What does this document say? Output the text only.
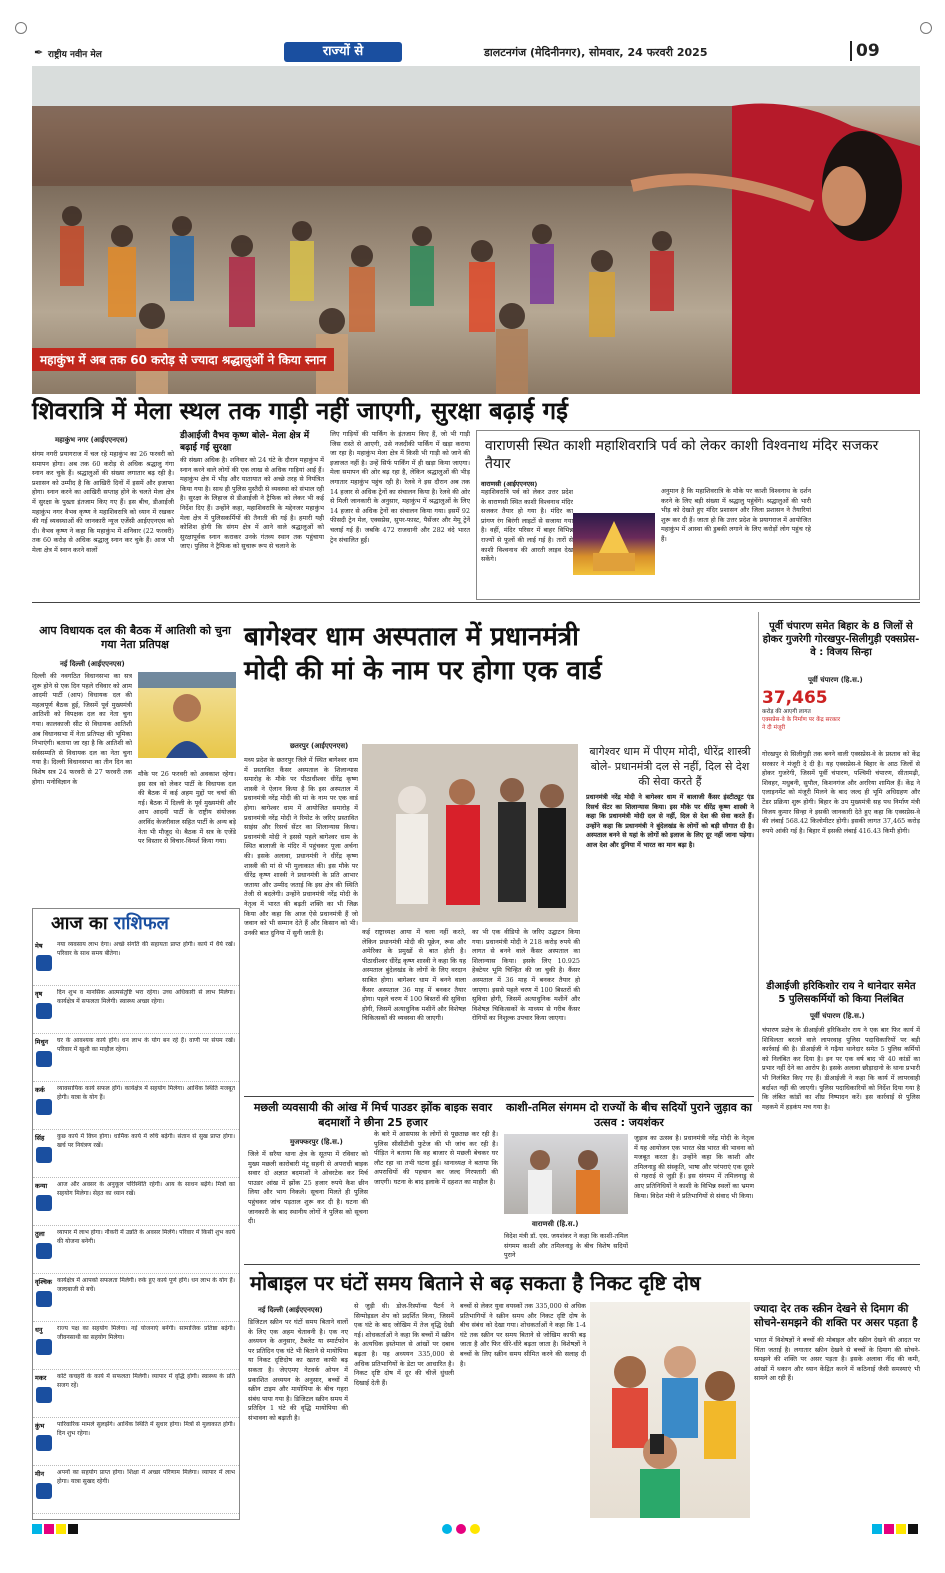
✒ राष्ट्रीय नवीन मेल	राज्यों से	डालटनगंज (मेदिनीनगर), सोमवार, 24 फरवरी 2025	09
महाकुंभ में अब तक 60 करोड़ से ज्यादा श्रद्धालुओं ने किया स्नान
शिवरात्रि में मेला स्थल तक गाड़ी नहीं जाएगी, सुरक्षा बढ़ाई गई
महाकुंभ नगर (आईएएनएस)

संगम नगरी प्रयागराज में चल रहे महाकुंभ का 26 फरवरी को समापन होगा। अब तक 60 करोड़ से अधिक श्रद्धालु गंगा स्नान कर चुके हैं। श्रद्धालुओं की संख्या लगातार बढ़ रही है। प्रशासन को उम्मीद है कि आखिरी दिनों में इसमें और इजाफा होगा। स्नान करने का आखिरी सप्ताह होने के चलते मेला क्षेत्र में सुरक्षा के पुख्ता इंतजाम किए गए हैं। इस बीच, डीआईजी महाकुंभ नगर वैभव कृष्ण ने महाशिवरात्रि को ध्यान में रखकर की गई व्यवस्थाओं की जानकारी न्यूज एजेंसी आईएएनएस को दी। वैभव कृष्ण ने कहा कि महाकुंभ में शनिवार (22 फरवरी) तक 60 करोड़ से अधिक श्रद्धालु स्नान कर चुके हैं। आज भी मेला क्षेत्र में स्नान करने वालों

डीआईजी वैभव कृष्ण बोले- मेला क्षेत्र में बढ़ाई गई सुरक्षा

की संख्या अधिक है। शनिवार को 24 घंटे के दौरान महाकुंभ में स्नान करने वाले लोगों की एक लाख से अधिक गाड़ियां आई हैं। महाकुंभ क्षेत्र में भीड़ और यातायात को अच्छे तरह से नियंत्रित किया गया है। साथ ही पुलिस मुस्तैदी से व्यवस्था को संभाल रही है। सुरक्षा के लिहाज से डीआईजी ने ट्रैफिक को लेकर भी कई निर्देश दिए हैं। उन्होंने कहा, महाशिवरात्रि के मद्देनजर महाकुंभ मेला क्षेत्र में पुलिसकर्मियों की तैनाती की गई है। हमारी यही कोशिश होगी कि संगम क्षेत्र में आने वाले श्रद्धालुओं को सुरक्षापूर्वक स्नान कराकर उनके गंतव्य स्थान तक पहुंचाया जाए। पुलिस ने ट्रैफिक को सुचारू रूप से चलाने के

लिए गाड़ियों की पार्किंग के इंतजाम किए हैं, जो भी गाड़ी जिस रास्ते से आएगी, उसे नजदीकी पार्किंग में खड़ा कराया जा रहा है। महाकुंभ मेला क्षेत्र में किसी भी गाड़ी को जाने की इजाजत नहीं है। उन्हें सिर्फ पार्किंग में ही खड़ा किया जाएगा। मेला समापन की ओर बढ़ रहा है, लेकिन श्रद्धालुओं की भीड़ लगातार महाकुंभ पहुंच रही है। रेलवे ने इस दौरान अब तक 14 हजार से अधिक ट्रेनों का संचालन किया है। रेलवे की ओर से मिली जानकारी के अनुसार, महाकुंभ में श्रद्धालुओं के लिए 14 हजार से अधिक ट्रेनों का संचालन किया गया। इसमें 92 फीसदी ट्रेन मेल, एक्सप्रेस, सुपर-फास्ट, पैसेंजर और मेमू ट्रेनें चलाई गई हैं। जबकि 472 राजधानी और 282 वंदे भारत ट्रेन संचालित हुईं।

वाराणसी स्थित काशी महाशिवरात्रि पर्व को लेकर काशी विश्वनाथ मंदिर सजकर तैयार
वाराणसी (आईएएनएस)

महाशिवरात्रि पर्व को लेकर उत्तर प्रदेश के वाराणसी स्थित काशी विश्वनाथ मंदिर सजकर तैयार हो गया है। मंदिर का प्रांगण रंग बिरंगी लाइटों से सजाया गया है। वहीं, मंदिर परिसर में बाहर विभिन्न राज्यों से फूलों की लाई गई है। तारों से काशी विश्वनाथ की आरती लाइव देख सकेंगे।

अनुमान है कि महाशिवरात्रि के मौके पर काशी विश्वनाथ के दर्शन करने के लिए बड़ी संख्या में श्रद्धालु पहुंचेंगे। श्रद्धालुओं की भारी भीड़ को देखते हुए मंदिर प्रशासन और जिला प्रशासन ने तैयारियां शुरू कर दी हैं। जाता हो कि उत्तर प्रदेश के प्रयागराज में आयोजित महाकुंभ में आस्था की डुबकी लगाने के लिए करोड़ों लोग पहुंच रहे हैं।

आप विधायक दल की बैठक में आतिशी को चुना गया नेता प्रतिपक्ष
नई दिल्ली (आईएएनएस)

दिल्ली की नवगठित विधानसभा का सत्र शुरू होने से एक दिन पहले रविवार को आम आदमी पार्टी (आप) विधायक दल की महत्वपूर्ण बैठक हुई, जिसमें पूर्व मुख्यमंत्री आतिशी को विपक्षक दल का नेता चुना गया। कालकाजी सीट से विधायक आतिशी अब विधानसभा में नेता प्रतिपक्ष की भूमिका निभाएंगी। बताया जा रहा है कि आतिशी को सर्वसम्मति से विधायक दल का नेता चुना गया है। दिल्ली विधानसभा का तीन दिन का विशेष सत्र 24 फरवरी से 27 फरवरी तक होगा। मनोविज्ञान के

मौके पर 26 फरवरी को अवकाश रहेगा। इस सत्र को लेकर पार्टी के विधायक दल की बैठक में कई अहम मुद्दों पर चर्चा की गई। बैठक में दिल्ली के पूर्व मुख्यमंत्री और आप आदमी पार्टी के राष्ट्रीय संयोजक अरविंद केजरीवाल सहित पार्टी के अन्य बड़े नेता भी मौजूद थे। बैठक में सत्र के एजेंडे पर विस्तार से विचार-विमर्श किया गया।

आज का राशिफल
मेष नया व्यवसाय लाभ देगा। अच्छे संगति की सहायता प्राप्त होगी। कार्य में धैर्य रखें। परिवार के साथ समय बीतेगा।

वृष दिन शुभ व मानसिक आत्मसंतुष्टि भरा रहेगा। उच्च अधिकारी से लाभ मिलेगा। कार्यक्षेत्र में सफलता मिलेगी। स्वास्थ्य अच्छा रहेगा।

मिथुन घर के आवश्यक कार्य होंगे। धन लाभ के योग बन रहे हैं। वाणी पर संयम रखें। परिवार में खुशी का माहौल रहेगा।

कर्क व्यावसायिक कार्य सफल होंगे। कार्यक्षेत्र में सहयोग मिलेगा। आर्थिक स्थिति मजबूत होगी। यात्रा के योग हैं।

सिंह कुछ कार्य में विघ्न होगा। धार्मिक कार्य में रुचि बढ़ेगी। संतान से सुख प्राप्त होगा। खर्च पर नियंत्रण रखें।

कन्या आज और अवसर के अनुकूल परिस्थिति रहेगी। आय के साधन बढ़ेंगे। मित्रों का सहयोग मिलेगा। सेहत का ध्यान रखें।

तुला व्यापार में लाभ होगा। नौकरी में उन्नति के अवसर मिलेंगे। परिवार में किसी शुभ कार्य की योजना बनेगी।

वृश्चिक कार्यक्षेत्र में आपको सफलता मिलेगी। रुके हुए कार्य पूर्ण होंगे। धन लाभ के योग हैं। जल्दबाजी से बचें।

धनु राज्य पक्ष का सहयोग मिलेगा। नई योजनाएं बनेंगी। सामाजिक प्रतिष्ठा बढ़ेगी। जीवनसाथी का सहयोग मिलेगा।

मकर कोर्ट कचहरी के कार्य में सफलता मिलेगी। व्यापार में वृद्धि होगी। स्वास्थ्य के प्रति सजग रहें।

कुंभ पारिवारिक मामले सुलझेंगे। आर्थिक स्थिति में सुधार होगा। मित्रों से मुलाकात होगी। दिन शुभ रहेगा।

मीन अपनों का सहयोग प्राप्त होगा। शिक्षा में अच्छा परिणाम मिलेगा। व्यापार में लाभ होगा। यात्रा सुखद रहेगी।

बागेश्वर धाम अस्पताल में प्रधानमंत्री
मोदी की मां के नाम पर होगा एक वार्ड
छतरपुर (आईएएनएस)

मध्य प्रदेश के छतरपुर जिले में स्थित बागेश्वर धाम में प्रस्तावित कैंसर अस्पताल के शिलान्यास समारोह के मौके पर पीठाधीश्वर धीरेंद्र कृष्ण शास्त्री ने ऐलान किया है कि इस अस्पताल में प्रधानमंत्री नरेंद्र मोदी की मां के नाम पर एक वार्ड होगा। बागेश्वर धाम में आयोजित समारोह में प्रधानमंत्री नरेंद्र मोदी ने रिमोट के जरिए प्रस्तावित साइंस और रिसर्च सेंटर का शिलान्यास किया। प्रधानमंत्री मोदी ने इससे पहले बागेश्वर धाम के स्थित बालाजी के मंदिर में पहुंचकर पूजा अर्चना की। इसके अलावा, प्रधानमंत्री ने धीरेंद्र कृष्ण शास्त्री की मां से भी मुलाकात की। इस मौके पर धीरेंद्र कृष्ण शास्त्री ने प्रधानमंत्री के प्रति आभार जताया और उम्मीद जताई कि इस क्षेत्र की स्थिति तेजी से बदलेगी। उन्होंने प्रधानमंत्री नरेंद्र मोदी के नेतृत्व में भारत की बढ़ती शक्ति का भी जिक्र किया और कहा कि आज ऐसे प्रधानमंत्री हैं जो जवान को भी सम्मान देते हैं और किसान को भी। उनकी बात दुनिया में सुनी जाती है।	कई राष्ट्राध्यक्ष आया में चला नहीं करते, लेकिन प्रधानमंत्री मोदी की यूक्रेन, रूस और अमेरिका के प्रमुखों से बात होती है। पीठाधीश्वर धीरेंद्र कृष्ण शास्त्री ने कहा कि यह अस्पताल बुंदेलखंड के लोगों के लिए वरदान साबित होगा। बागेश्वर धाम में बनने वाला कैंसर अस्पताल 36 माह में बनकर तैयार होगा। पहले चरण में 100 बिस्तरों की सुविधा होगी, जिसमें अत्याधुनिक मशीनें और विशेषज्ञ चिकित्सकों की व्यवस्था की जाएगी।

का भी एक वीडियो के जरिए उद्घाटन किया गया। प्रधानमंत्री मोदी ने 218 करोड़ रुपये की लागत से बनने वाले कैंसर अस्पताल का शिलान्यास किया। इसके लिए 10.925 हेक्टेयर भूमि चिन्हित की जा चुकी है। कैंसर अस्पताल में 36 माह में बनकर तैयार हो जाएगा। इससे पहले चरण में 100 बिस्तरों की सुविधा होगी, जिसमें अत्याधुनिक मशीनें और विशेषज्ञ चिकित्सकों के माध्यम से गरीब कैंसर रोगियों का निशुल्क उपचार किया जाएगा।

बागेश्वर धाम में पीएम मोदी, धीरेंद्र शास्त्री बोले- प्रधानमंत्री दल से नहीं, दिल से देश की सेवा करते हैं

प्रधानमंत्री नरेंद्र मोदी ने बागेश्वर धाम में बालाजी कैंसर इंस्टीट्यूट एंड रिसर्च सेंटर का शिलान्यास किया। इस मौके पर धीरेंद्र कृष्ण शास्त्री ने कहा कि प्रधानमंत्री मोदी दल से नहीं, दिल से देश की सेवा करते हैं। उन्होंने कहा कि प्रधानमंत्री ने बुंदेलखंड के लोगों को बड़ी सौगात दी है। अस्पताल बनने से यहां के लोगों को इलाज के लिए दूर नहीं जाना पड़ेगा। आज देश और दुनिया में भारत का मान बढ़ा है।

पूर्वी चंपारण समेत बिहार के 8 जिलों से होकर गुजरेगी गोरखपुर-सिलीगुड़ी एक्सप्रेस-वे : विजय सिन्हा
पूर्वी चंपारण (हि.स.)
37,465
करोड़ की आएगी लागत
एक्सप्रेस-वे के निर्माण पर केंद्र सरकार ने दी मंजूरी

गोरखपुर से सिलीगुड़ी तक बनने वाली एक्सप्रेस-वे के प्रस्ताव को केंद्र सरकार ने मंजूरी दे दी है। यह एक्सप्रेस-वे बिहार के आठ जिलों से होकर गुजरेगी, जिसमें पूर्वी चंपारण, पश्चिमी चंपारण, सीतामढ़ी, शिवहर, मधुबनी, सुपौल, किशनगंज और अररिया शामिल हैं। केंद्र ने एलाइनमेंट को मंजूरी मिलने के बाद जल्द ही भूमि अधिग्रहण और टेंडर प्रक्रिया शुरू होगी। बिहार के उप मुख्यमंत्री सह पथ निर्माण मंत्री विजय कुमार सिन्हा ने इसकी जानकारी देते हुए कहा कि एक्सप्रेस-वे की लंबाई 568.42 किलोमीटर होगी। इसकी लागत 37,465 करोड़ रुपये आंकी गई है। बिहार में इसकी लंबाई 416.43 किमी होगी।

डीआईजी हरिकिशोर राय ने थानेदार समेत 5 पुलिसकर्मियों को किया निलंबित
पूर्वी चंपारण (हि.स.)

चंपारण प्रक्षेत्र के डीआईजी हरिकिशोर राय ने एक बार फिर कार्य में शिथिलता बरतने वाले लापरवाह पुलिस पदाधिकारियों पर बड़ी कार्रवाई की है। डीआईजी ने गढ़ैया थानेदार समेत 5 पुलिस कर्मियों को निलंबित कर दिया है। इन पर एक वर्ष बाद भी 40 कांडों का प्रभार नहीं देने का आरोप है। इसके अलावा छौड़ादानो के थाना प्रभारी भी निलंबित किए गए हैं। डीआईजी ने कहा कि कार्य में लापरवाही बर्दाश्त नहीं की जाएगी। पुलिस पदाधिकारियों को निर्देश दिया गया है कि लंबित कांडों का शीघ्र निष्पादन करें। इस कार्रवाई से पुलिस महकमे में हड़कंप मच गया है।

मछली व्यवसायी की आंख में मिर्च पाउडर झोंक बाइक सवार बदमाशों ने छीना 25 हजार
मुजफ्फरपुर (हि.स.)

जिले में सरैया थाना क्षेत्र के सूतपा में रविवार को मुख्य मछली कारोबारी मंटू सहनी से अपराधी बाइक सवार दो अज्ञात बदमाशों ने ओवरटेक कर मिर्च पाउडर आंख में झोंक 25 हजार रुपये कैश छीन लिया और भाग निकले। सूचना मिलते ही पुलिस पहुंचकर जांच पड़ताल शुरू कर दी है। घटना की जानकारी के बाद स्थानीय लोगों ने पुलिस को सूचना दी।

के बारे में आसपास के लोगों से पूछताछ कर रही है। पुलिस सीसीटीवी फुटेज की भी जांच कर रही है। पीड़ित ने बताया कि वह बाजार से मछली बेचकर घर लौट रहा था तभी घटना हुई। थानाध्यक्ष ने बताया कि अपराधियों की पहचान कर जल्द गिरफ्तारी की जाएगी। घटना के बाद इलाके में दहशत का माहौल है।

काशी-तमिल संगमम दो राज्यों के बीच सदियों पुराने जुड़ाव का उत्सव : जयशंकर
वाराणसी (हि.स.)

विदेश मंत्री डॉ. एस. जयशंकर ने कहा कि काशी-तमिल संगमम काशी और तमिलनाडु के बीच विशेष सदियों पुराने

जुड़ाव का उत्सव है। प्रधानमंत्री नरेंद्र मोदी के नेतृत्व में यह आयोजन एक भारत श्रेष्ठ भारत की भावना को मजबूत करता है। उन्होंने कहा कि काशी और तमिलनाडु की संस्कृति, भाषा और परंपराएं एक दूसरे से गहराई से जुड़ी हैं। इस संगमम में तमिलनाडु से आए प्रतिनिधियों ने काशी के विभिन्न स्थलों का भ्रमण किया। विदेश मंत्री ने प्रतिभागियों से संवाद भी किया।

मोबाइल पर घंटों समय बिताने से बढ़ सकता है निकट दृष्टि दोष
नई दिल्ली (आईएएनएस)

डिजिटल स्क्रीन पर घंटों समय बिताने वालों के लिए एक अहम चेतावनी है। एक नए अध्ययन के अनुसार, टैबलेट या स्मार्टफोन पर प्रतिदिन एक घंटे भी बिताने से मायोपिया या निकट दृष्टिदोष का खतरा काफी बढ़ सकता है। जेएएमए नेटवर्क ओपन में प्रकाशित अध्ययन के अनुसार, बच्चों में स्क्रीन टाइम और मायोपिया के बीच गहरा संबंध पाया गया है। डिजिटल स्क्रीन समय में प्रतिदिन 1 घंटे की वृद्धि मायोपिया की संभावना को बढ़ाती है।

से जुड़ी थी। डोज-रिस्पॉन्स पैटर्न ने सिग्मोइडल शेप को प्रदर्शित किया, जिसमें एक घंटे के बाद जोखिम में तेज वृद्धि देखी गई। शोधकर्ताओं ने कहा कि बच्चों में स्क्रीन के अत्यधिक इस्तेमाल से आंखों पर दबाव बढ़ता है। यह अध्ययन 335,000 से अधिक प्रतिभागियों के डेटा पर आधारित है। निकट दृष्टि दोष में दूर की चीजें धुंधली दिखाई देती हैं।

बच्चों से लेकर युवा वयस्कों तक 335,000 से अधिक प्रतिभागियों ने स्क्रीन समय और निकट दृष्टि दोष के बीच संबंध को देखा गया। शोधकर्ताओं ने कहा कि 1-4 घंटे तक स्क्रीन पर समय बिताने से जोखिम काफी बढ़ जाता है और फिर धीरे-धीरे बढ़ता जाता है। विशेषज्ञों ने बच्चों के लिए स्क्रीन समय सीमित करने की सलाह दी है।

ज्यादा देर तक स्क्रीन देखने से दिमाग की सोचने-समझने की शक्ति पर असर पड़ता है

भारत में विशेषज्ञों ने बच्चों की मोबाइल और स्क्रीन देखने की आदत पर चिंता जताई है। लगातार स्क्रीन देखने से बच्चों के दिमाग की सोचने-समझने की शक्ति पर असर पड़ता है। इसके अलावा नींद की कमी, आंखों में थकान और ध्यान केंद्रित करने में कठिनाई जैसी समस्याएं भी सामने आ रही हैं।
